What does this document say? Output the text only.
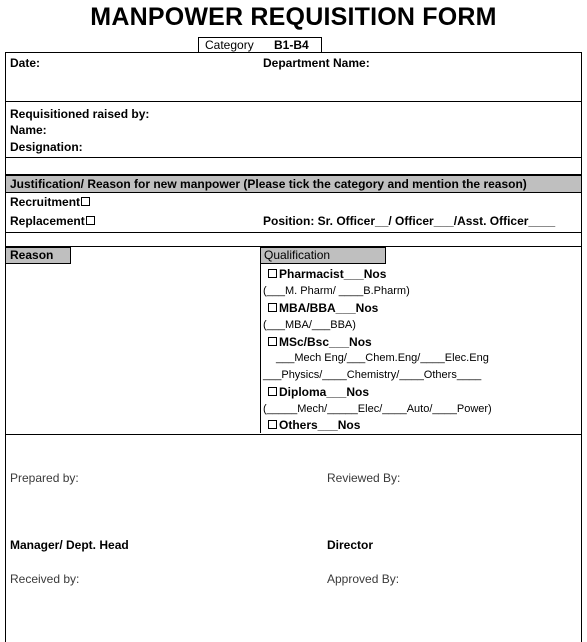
MANPOWER REQUISITION FORM
Category B1-B4
Date:	Department Name:
Requisitioned raised by:
Name:
Designation:
Justification/ Reason for new manpower (Please tick the category and mention the reason)
Recruitment
Replacement	Position: Sr. Officer__/ Officer___/Asst. Officer____
Reason	Qualification
Pharmacist___Nos
(___M. Pharm/ ____B.Pharm)
MBA/BBA___Nos
(___MBA/___BBA)
MSc/Bsc___Nos
___Mech Eng/___Chem.Eng/____Elec.Eng
___Physics/____Chemistry/____Others____
Diploma___Nos
(_____Mech/_____Elec/____Auto/____Power)
Others___Nos
Prepared by:	Reviewed By:
Manager/ Dept. Head	Director
Received by:	Approved By:
